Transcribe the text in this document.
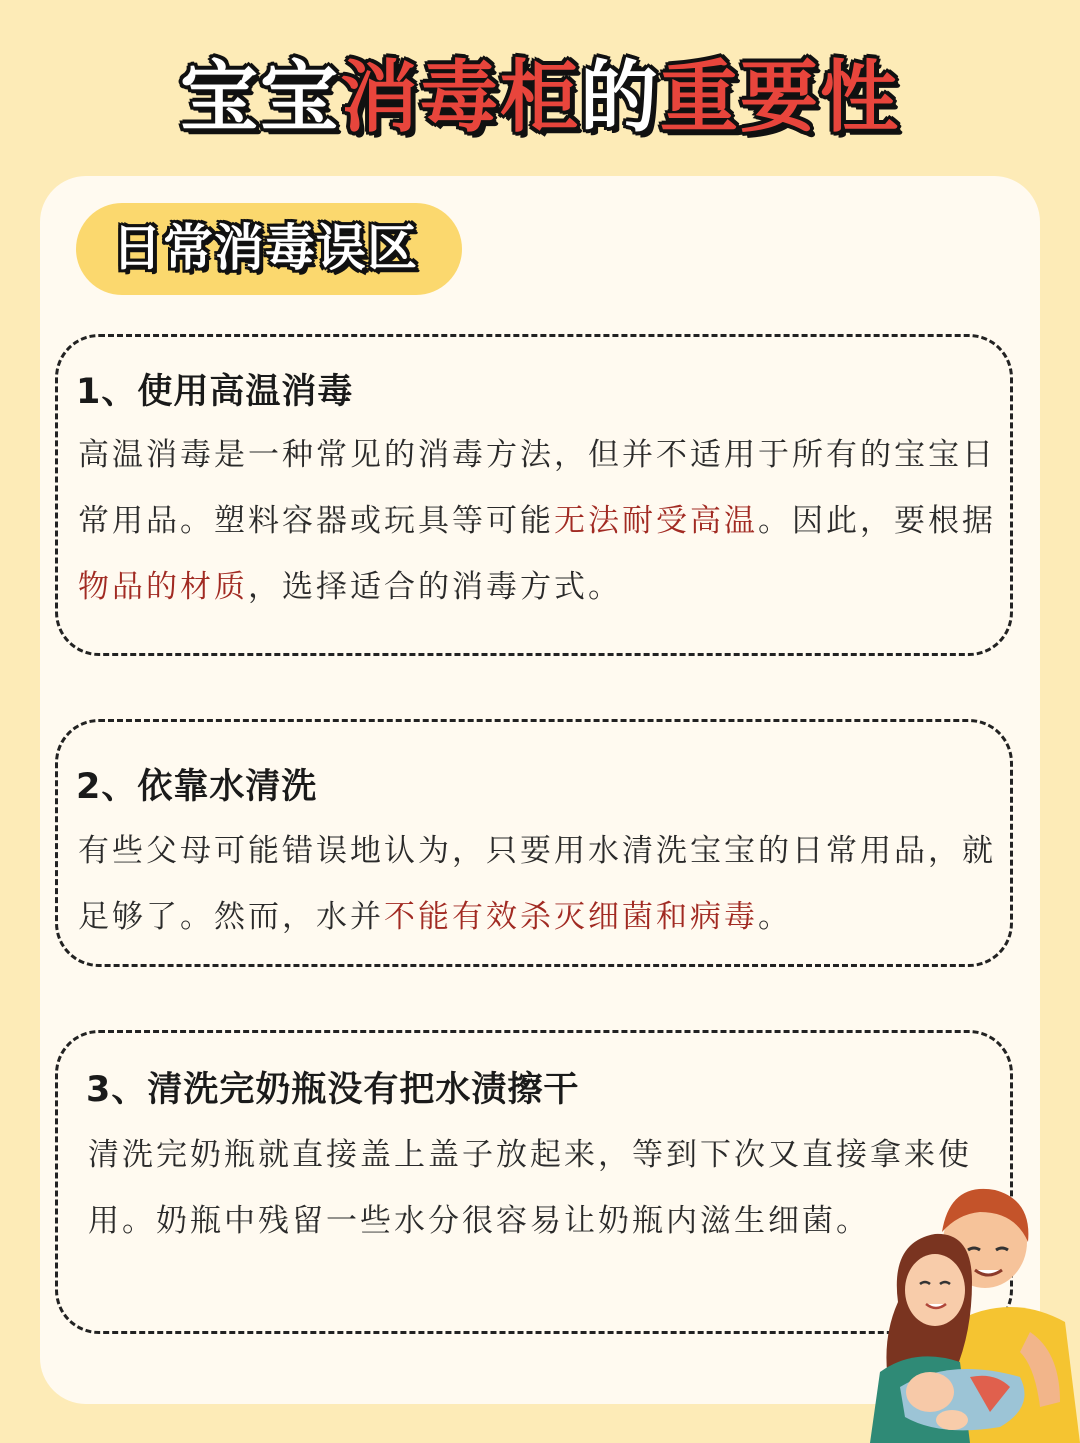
宝宝消毒柜的重要性
日常消毒误区
1、使用高温消毒
高温消毒是一种常见的消毒方法，但并不适用于所有的宝宝日常用品。塑料容器或玩具等可能无法耐受高温。因此，要根据物品的材质，选择适合的消毒方式。
2、依靠水清洗
有些父母可能错误地认为，只要用水清洗宝宝的日常用品，就足够了。然而，水并不能有效杀灭细菌和病毒。
3、清洗完奶瓶没有把水渍擦干
清洗完奶瓶就直接盖上盖子放起来，等到下次又直接拿来使用。奶瓶中残留一些水分很容易让奶瓶内滋生细菌。
